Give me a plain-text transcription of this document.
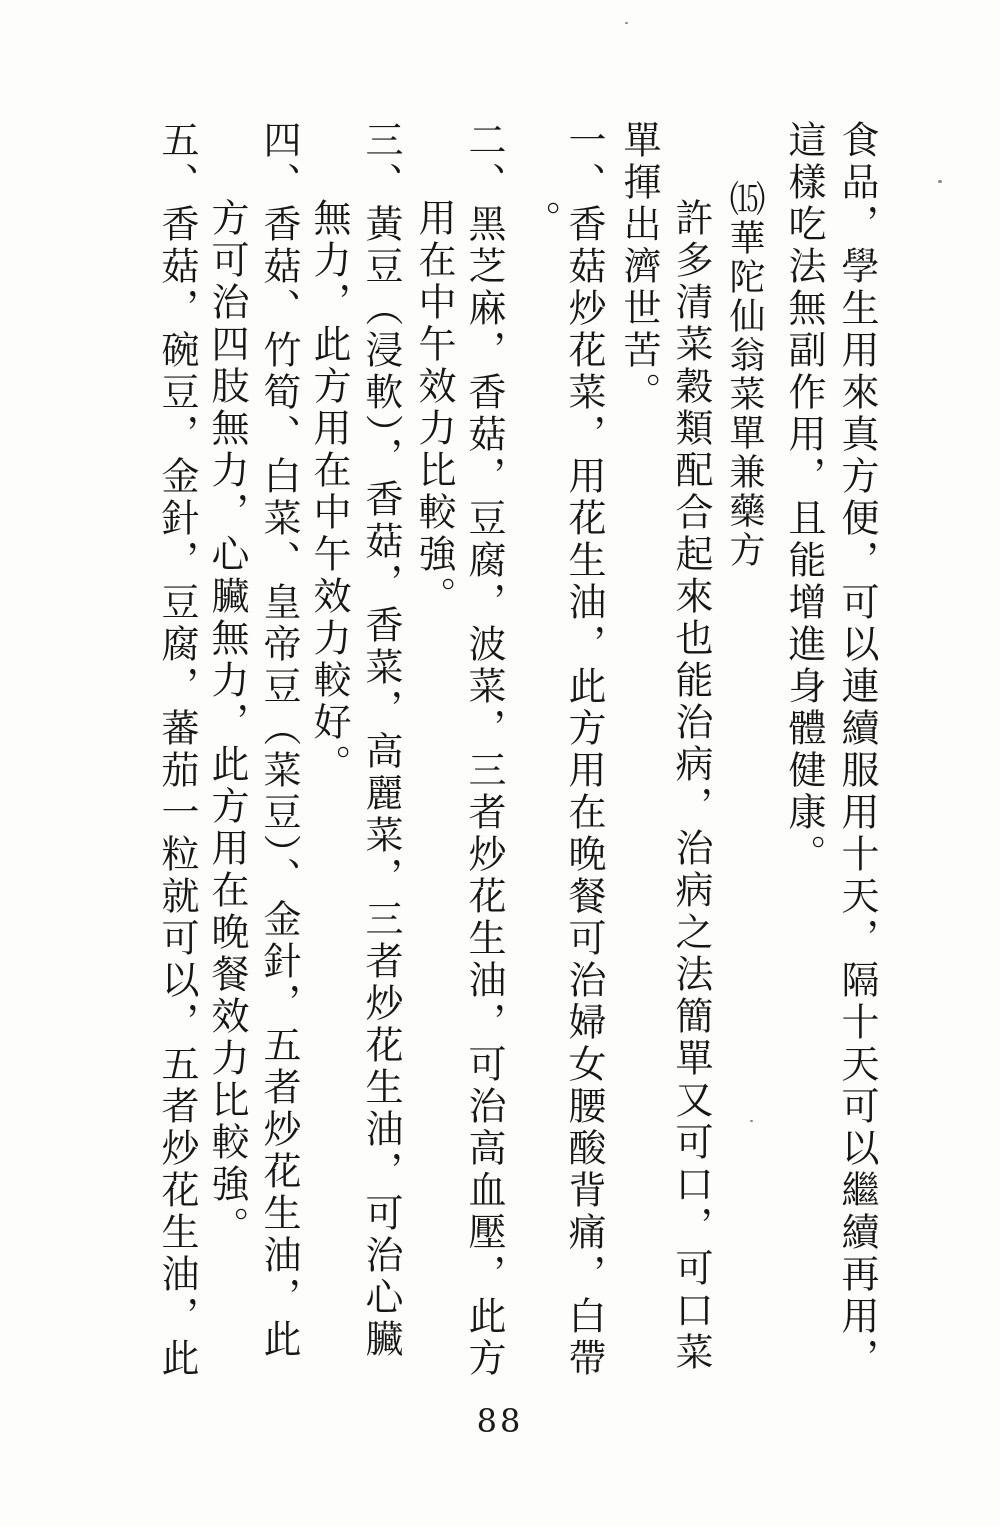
食品，學生用來真方便，可以連續服用十天，隔十天可以繼續再用，
這樣吃法無副作用，且能增進身體健康。
⒂華陀仙翁菜單兼藥方
許多清菜穀類配合起來也能治病，治病之法簡單又可口，可口菜
單揮出濟世苦。
一、香菇炒花菜，用花生油，此方用在晚餐可治婦女腰酸背痛，白帶
。
二、黑芝麻，香菇，豆腐，波菜，三者炒花生油，可治高血壓，此方
用在中午效力比較強。
三、黃豆（浸軟），香菇，香菜，高麗菜，三者炒花生油，可治心臟
無力，此方用在中午效力較好。
四、香菇、竹筍、白菜、皇帝豆（菜豆）、金針，五者炒花生油，此
方可治四肢無力，心臟無力，此方用在晚餐效力比較強。
五、香菇，碗豆，金針，豆腐，蕃茄一粒就可以，五者炒花生油，此
88
